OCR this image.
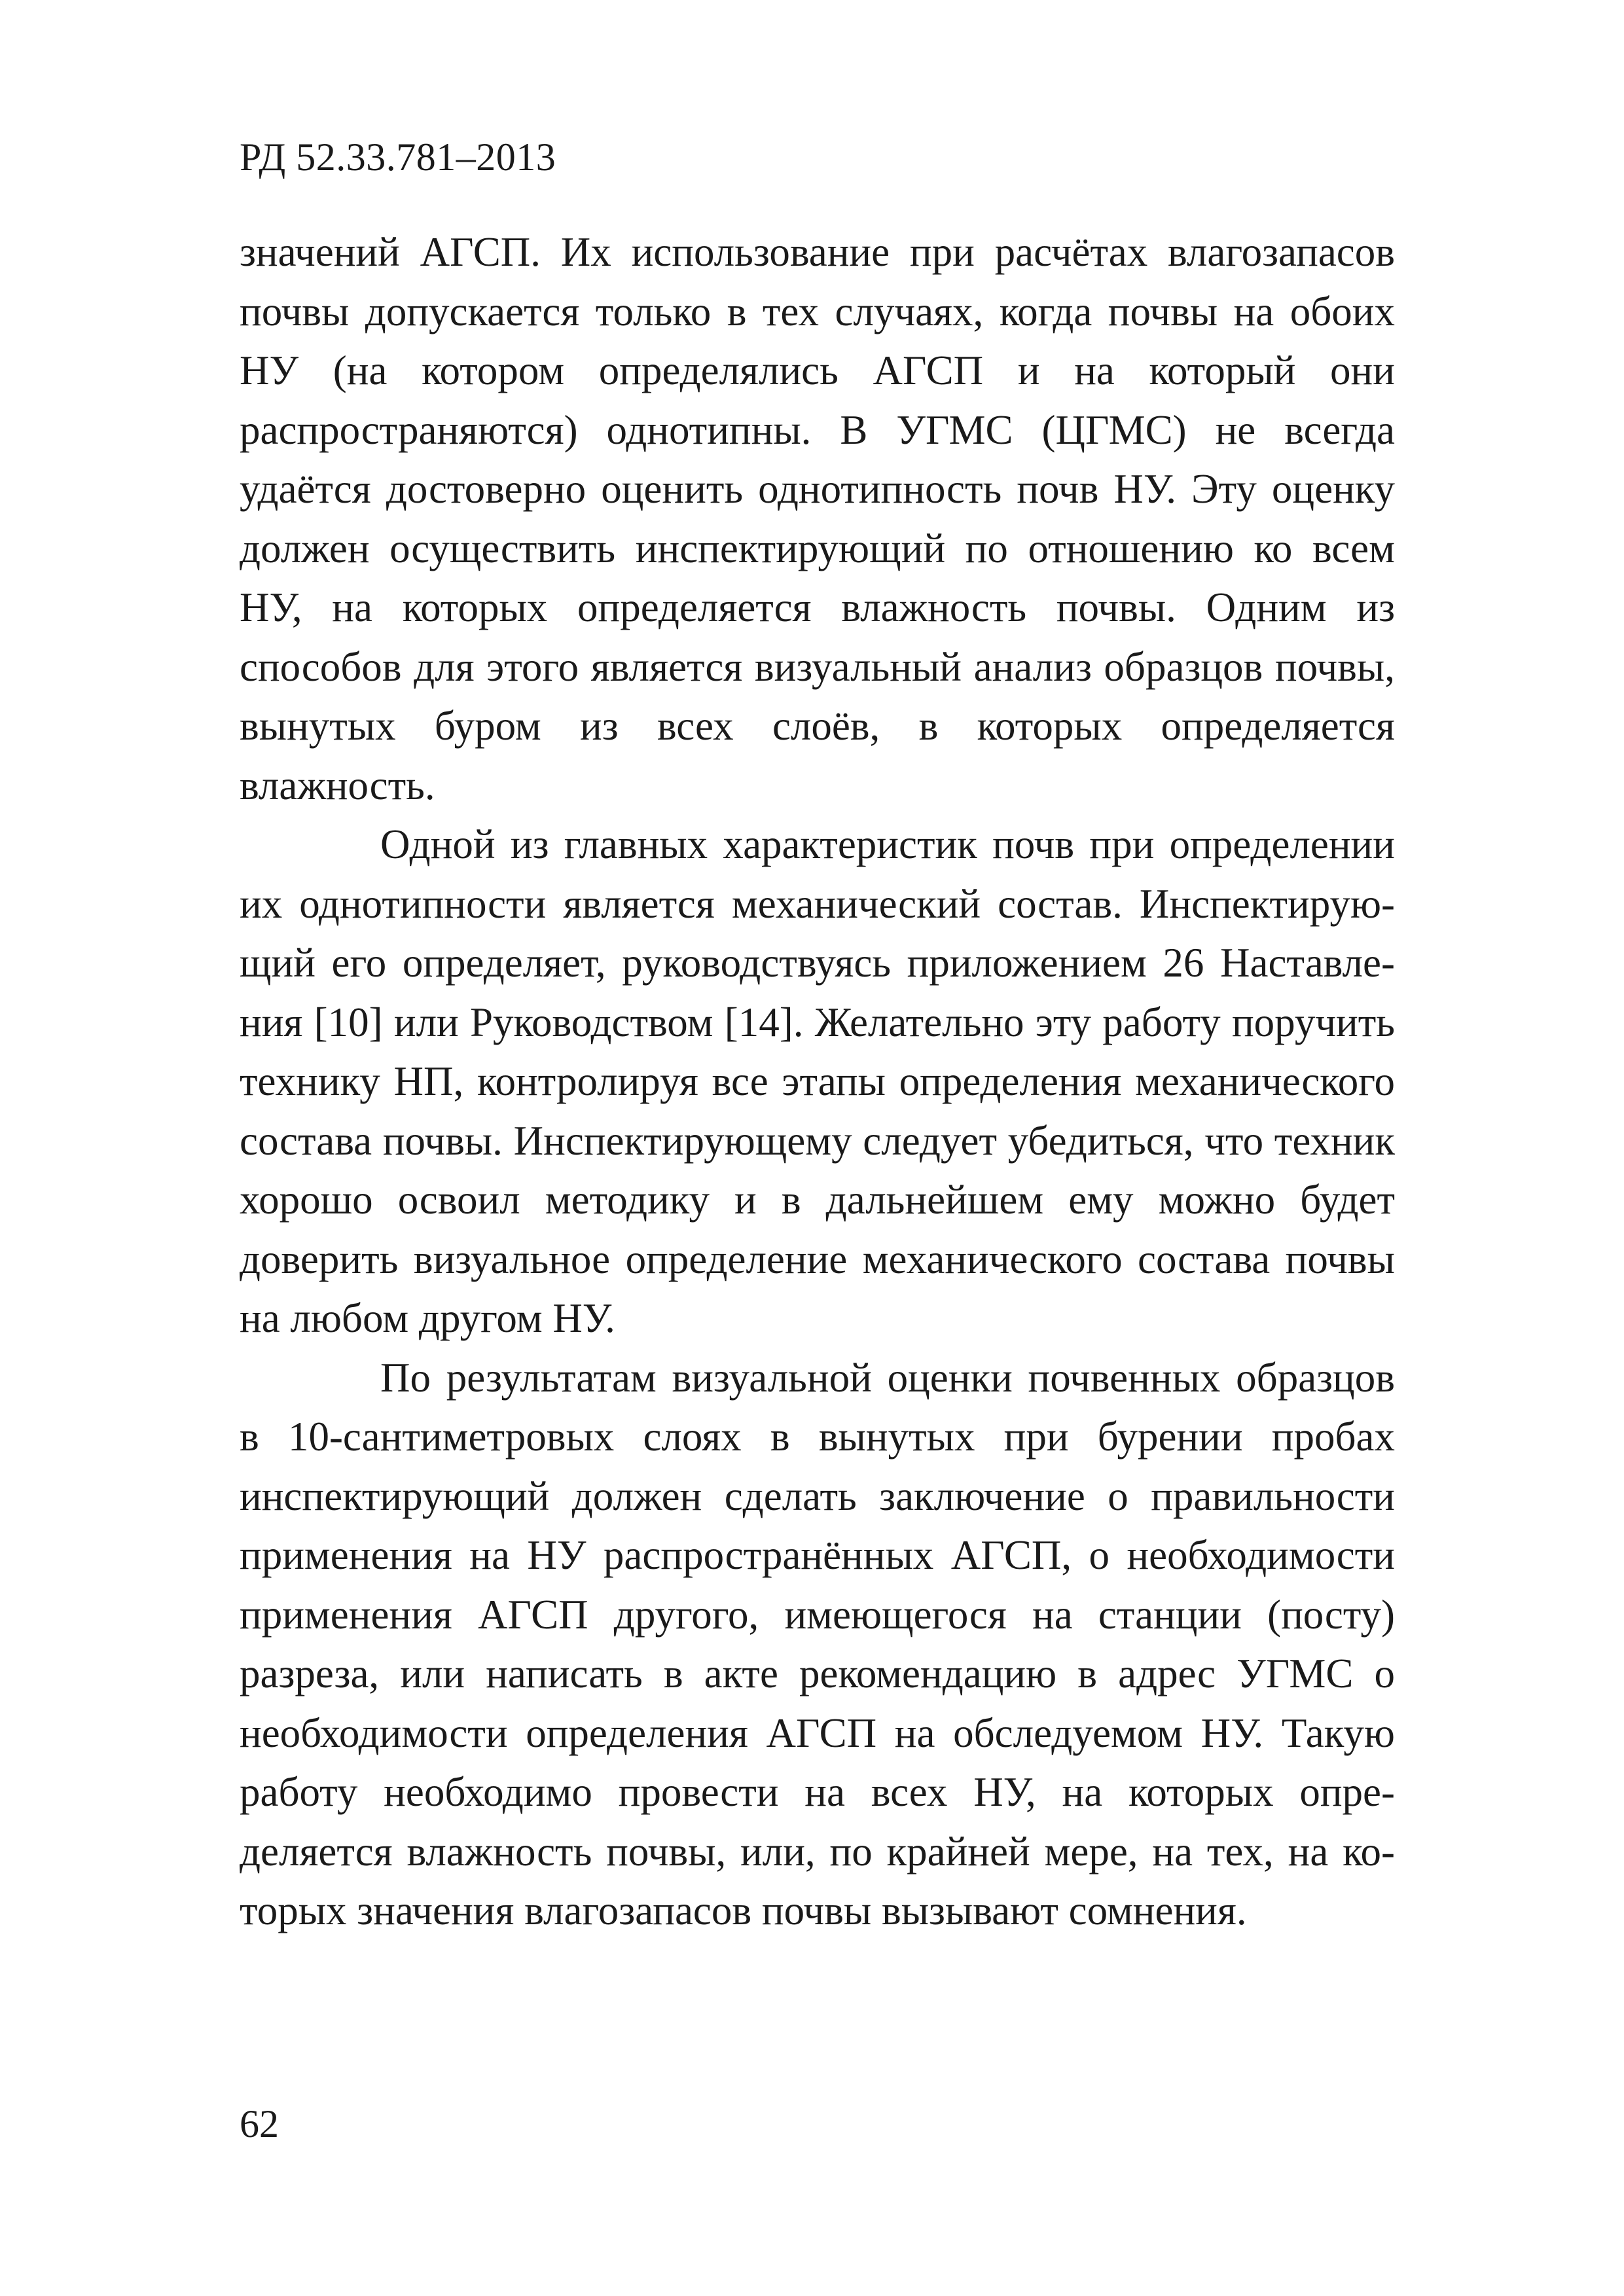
РД 52.33.781–2013

значений АГСП. Их использование при расчётах влагозапасов почвы допускается только в тех случаях, когда почвы на обоих НУ (на котором определялись АГСП и на который они распространяются) однотипны. В УГМС (ЦГМС) не всегда удаётся достоверно оценить однотипность почв НУ. Эту оценку должен осуществить инспектирующий по отношению ко всем НУ, на которых определяется влажность почвы. Одним из способов для этого является визуальный анализ образцов почвы, вынутых буром из всех слоёв, в которых определяется влажность.

Одной из главных характеристик почв при определении их однотипности является механический состав. Инспектирующий его определяет, руководствуясь приложением 26 Наставления [10] или Руководством [14]. Желательно эту работу поручить технику НП, контролируя все этапы определения механического состава почвы. Инспектирующему следует убедиться, что техник хорошо освоил методику и в дальнейшем ему можно будет доверить визуальное определение механического состава почвы на любом другом НУ.

По результатам визуальной оценки почвенных образцов в 10-сантиметровых слоях в вынутых при бурении пробах инспектирующий должен сделать заключение о правильности применения на НУ распространённых АГСП, о необходимости применения АГСП другого, имеющегося на станции (посту) разреза, или написать в акте рекомендацию в адрес УГМС о необходимости определения АГСП на обследуемом НУ. Такую работу необходимо провести на всех НУ, на которых определяется влажность почвы, или, по крайней мере, на тех, на которых значения влагозапасов почвы вызывают сомнения.

62
